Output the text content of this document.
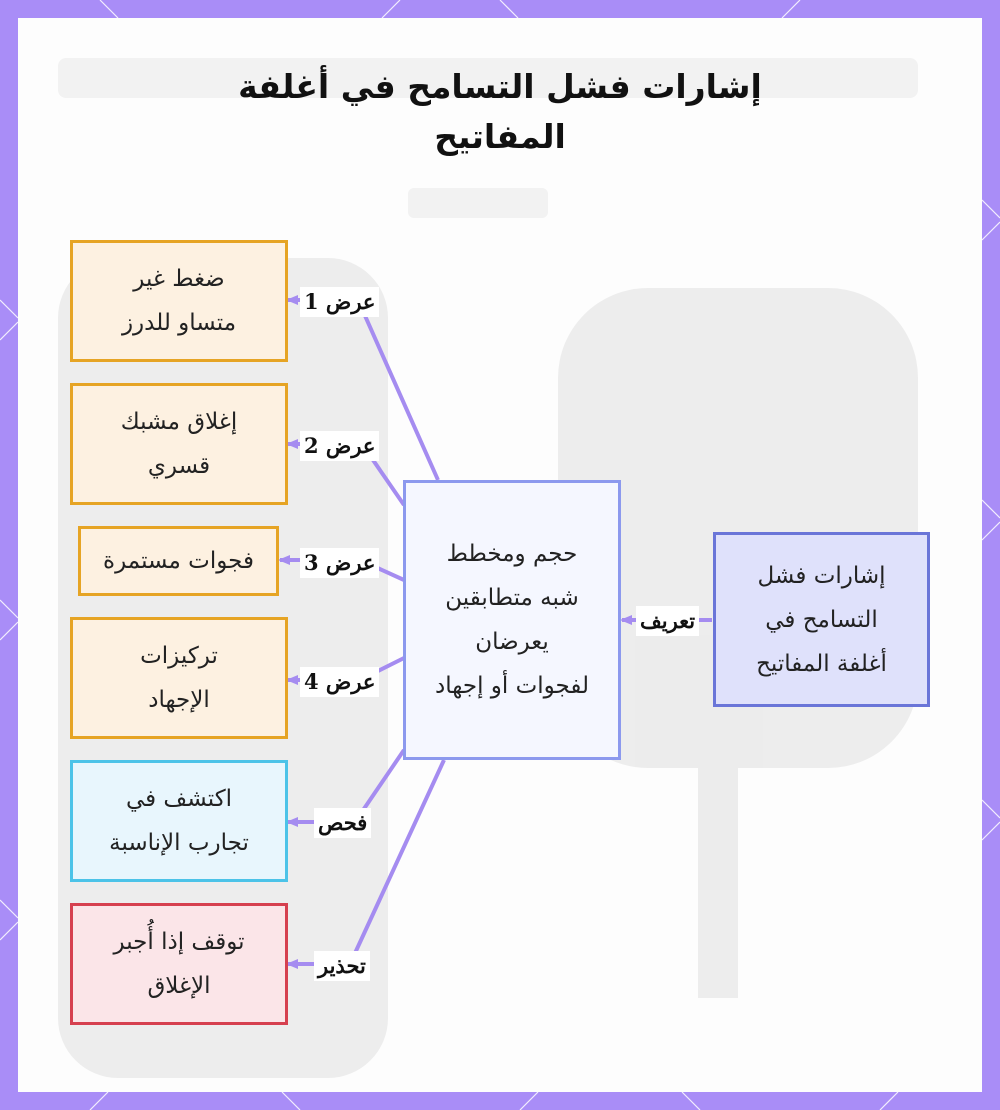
إشارات فشل التسامح في أغلفة
المفاتيح
إشارات فشل
التسامح في
أغلفة المفاتيح
حجم ومخطط
شبه متطابقين
يعرضان
لفجوات أو إجهاد
ضغط غير
متساو للدرز
إغلاق مشبك
قسري
فجوات مستمرة
تركيزات
الإجهاد
اكتشف في
تجارب الإناسبة
توقف إذا أُجبر
الإغلاق
تعريف
عرض 1
عرض 2
عرض 3
عرض 4
فحص
تحذير
